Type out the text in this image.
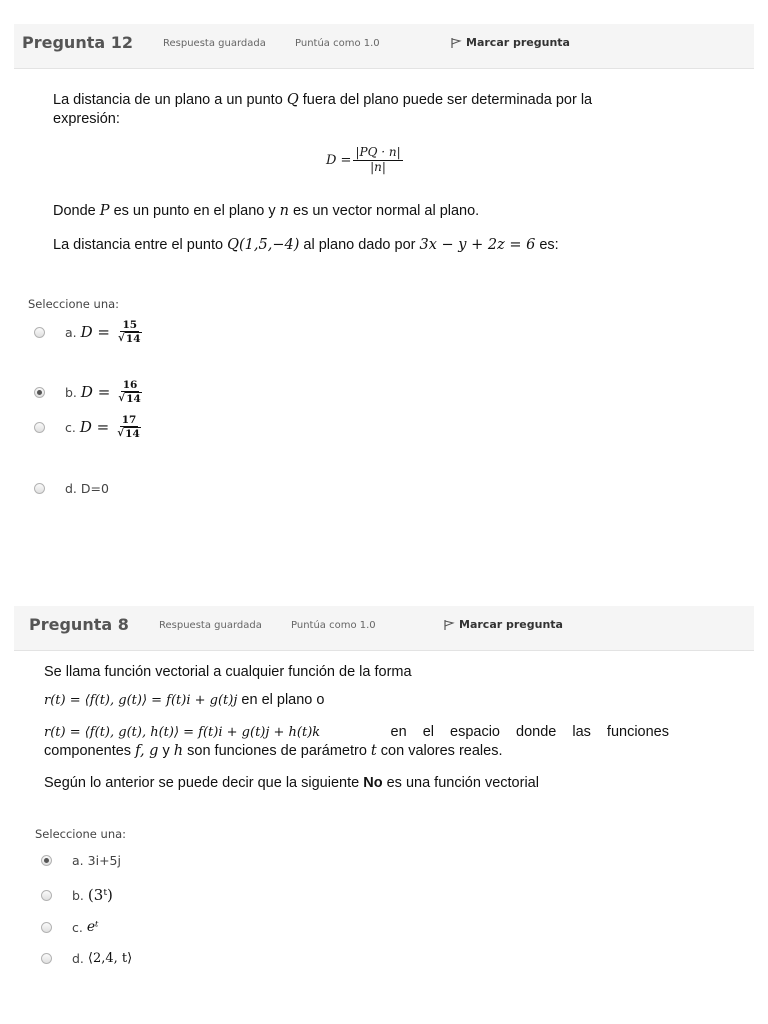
Pregunta 12	Respuesta guardada	Puntúa como 1.0	Marcar pregunta
La distancia de un plano a un punto Q fuera del plano puede ser determinada por la
expresión:
$D = \frac{|PQ \cdot n|}{|n|}$
Donde P es un punto en el plano y n es un vector normal al plano.
La distancia entre el punto Q(1,5,−4) al plano dado por 3x − y + 2z = 6 es:
Seleccione una:
a. $D = \frac{15}{√ 14}$
b. $D = \frac{16}{√ 14}$
c. $D = \frac{17}{√ 14}$
d. D=0
Pregunta 8	Respuesta guardada	Puntúa como 1.0	Marcar pregunta
Se llama función vectorial a cualquier función de la forma
r(t) = ⟨f(t), g(t)⟩ = f(t)i + g(t)j en el plano o
r(t) = ⟨f(t), g(t), h(t)⟩ = f(t)i + g(t)j + h(t)k	en el espacio donde las funciones
componentes f, g y h son funciones de parámetro t con valores reales.
Según lo anterior se puede decir que la siguiente No es una función vectorial
Seleccione una:
a. 3i+5j
b. (3ᵗ)
c. eᵗ
d. ⟨2,4, t⟩
